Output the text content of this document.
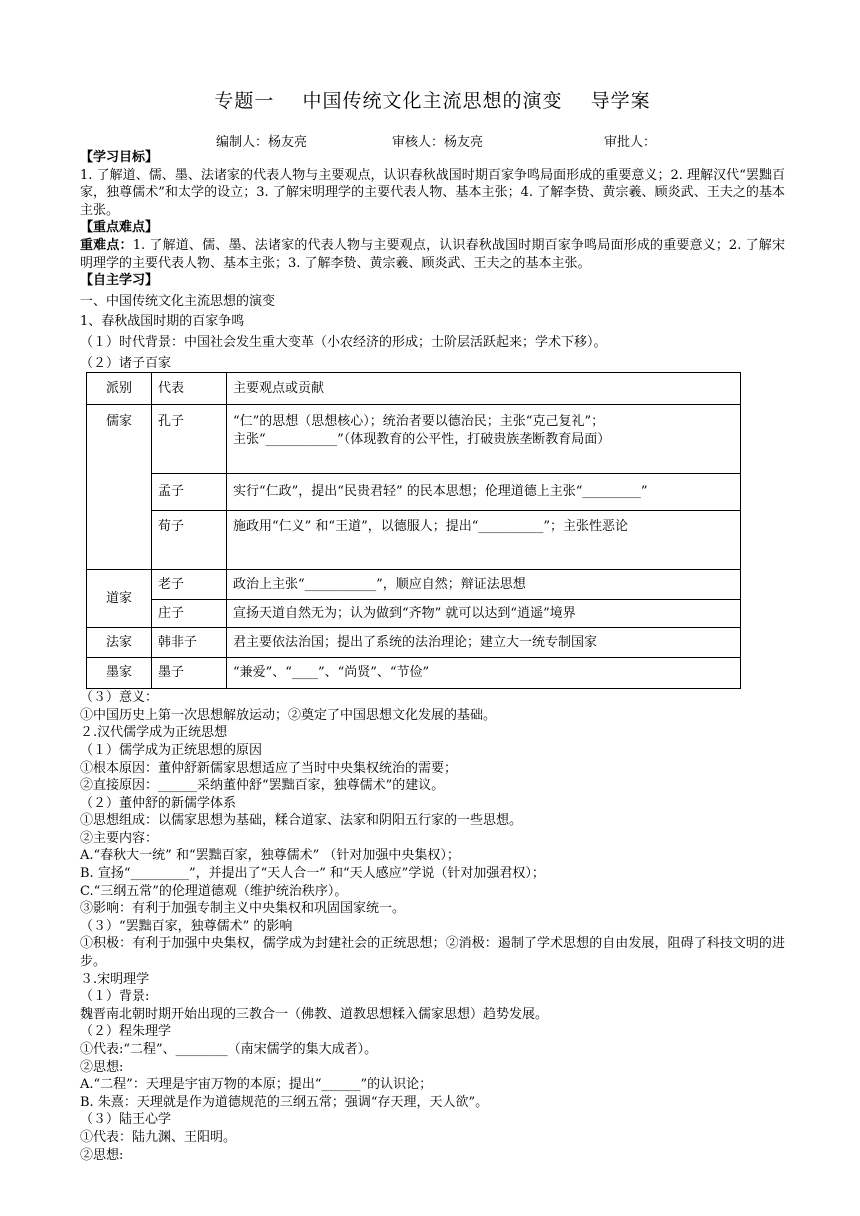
专题一    中国传统文化主流思想的演变    导学案
编制人：杨友亮	审核人：杨友亮	审批人：

【学习目标】

1. 了解道、儒、墨、法诸家的代表人物与主要观点，认识春秋战国时期百家争鸣局面形成的重要意义；2. 理解汉代“罢黜百家，独尊儒术”和太学的设立；3. 了解宋明理学的主要代表人物、基本主张；4. 了解李贽、黄宗羲、顾炎武、王夫之的基本主张。

【重点难点】

重难点：1. 了解道、儒、墨、法诸家的代表人物与主要观点，认识春秋战国时期百家争鸣局面形成的重要意义；2. 了解宋明理学的主要代表人物、基本主张；3. 了解李贽、黄宗羲、顾炎武、王夫之的基本主张。

【自主学习】

一、中国传统文化主流思想的演变

1、春秋战国时期的百家争鸣

（１）时代背景：中国社会发生重大变革（小农经济的形成；士阶层活跃起来；学术下移）。

（２）诸子百家

派别	代表	主要观点或贡献
儒家	孔子	“仁”的思想（思想核心）；统治者要以德治民；主张“克己复礼”；
主张“___________”（体现教育的公平性，打破贵族垄断教育局面）

	孟子	实行“仁政”，提出“民贵君轻” 的民本思想；伦理道德上主张“_________”
	荀子	施政用“仁义” 和“王道”，以德服人；提出“__________”；主张性恶论
道家	老子	政治上主张“___________”，顺应自然；辩证法思想
	庄子	宣扬天道自然无为；认为做到“齐物” 就可以达到“逍遥”境界
法家	韩非子	君主要依法治国；提出了系统的法治理论；建立大一统专制国家
墨家	墨子	“兼爱”、“____”、“尚贤”、“节俭”

（３）意义：

①中国历史上第一次思想解放运动；②奠定了中国思想文化发展的基础。

２.汉代儒学成为正统思想

（１）儒学成为正统思想的原因

①根本原因：董仲舒新儒家思想适应了当时中央集权统治的需要；

②直接原因：______采纳董仲舒“罢黜百家，独尊儒术”的建议。

（２）董仲舒的新儒学体系

①思想组成：以儒家思想为基础，糅合道家、法家和阴阳五行家的一些思想。

②主要内容：

A.“春秋大一统” 和“罢黜百家，独尊儒术” （针对加强中央集权）；

B. 宣扬“_________”，并提出了“天人合一” 和“天人感应”学说（针对加强君权）；

C.“三纲五常”的伦理道德观（维护统治秩序）。

③影响：有利于加强专制主义中央集权和巩固国家统一。

（３）“罢黜百家，独尊儒术” 的影响

①积极：有利于加强中央集权，儒学成为封建社会的正统思想；②消极：遏制了学术思想的自由发展，阻碍了科技文明的进步。

３.宋明理学

（１）背景:

魏晋南北朝时期开始出现的三教合一（佛教、道教思想糅入儒家思想）趋势发展。

（２）程朱理学

①代表:“二程”、________（南宋儒学的集大成者）。

②思想:

A.“二程”：天理是宇宙万物的本原；提出“______”的认识论；

B. 朱熹：天理就是作为道德规范的三纲五常；强调“存天理，天人欲”。

（３）陆王心学

①代表：陆九渊、王阳明。

②思想:
